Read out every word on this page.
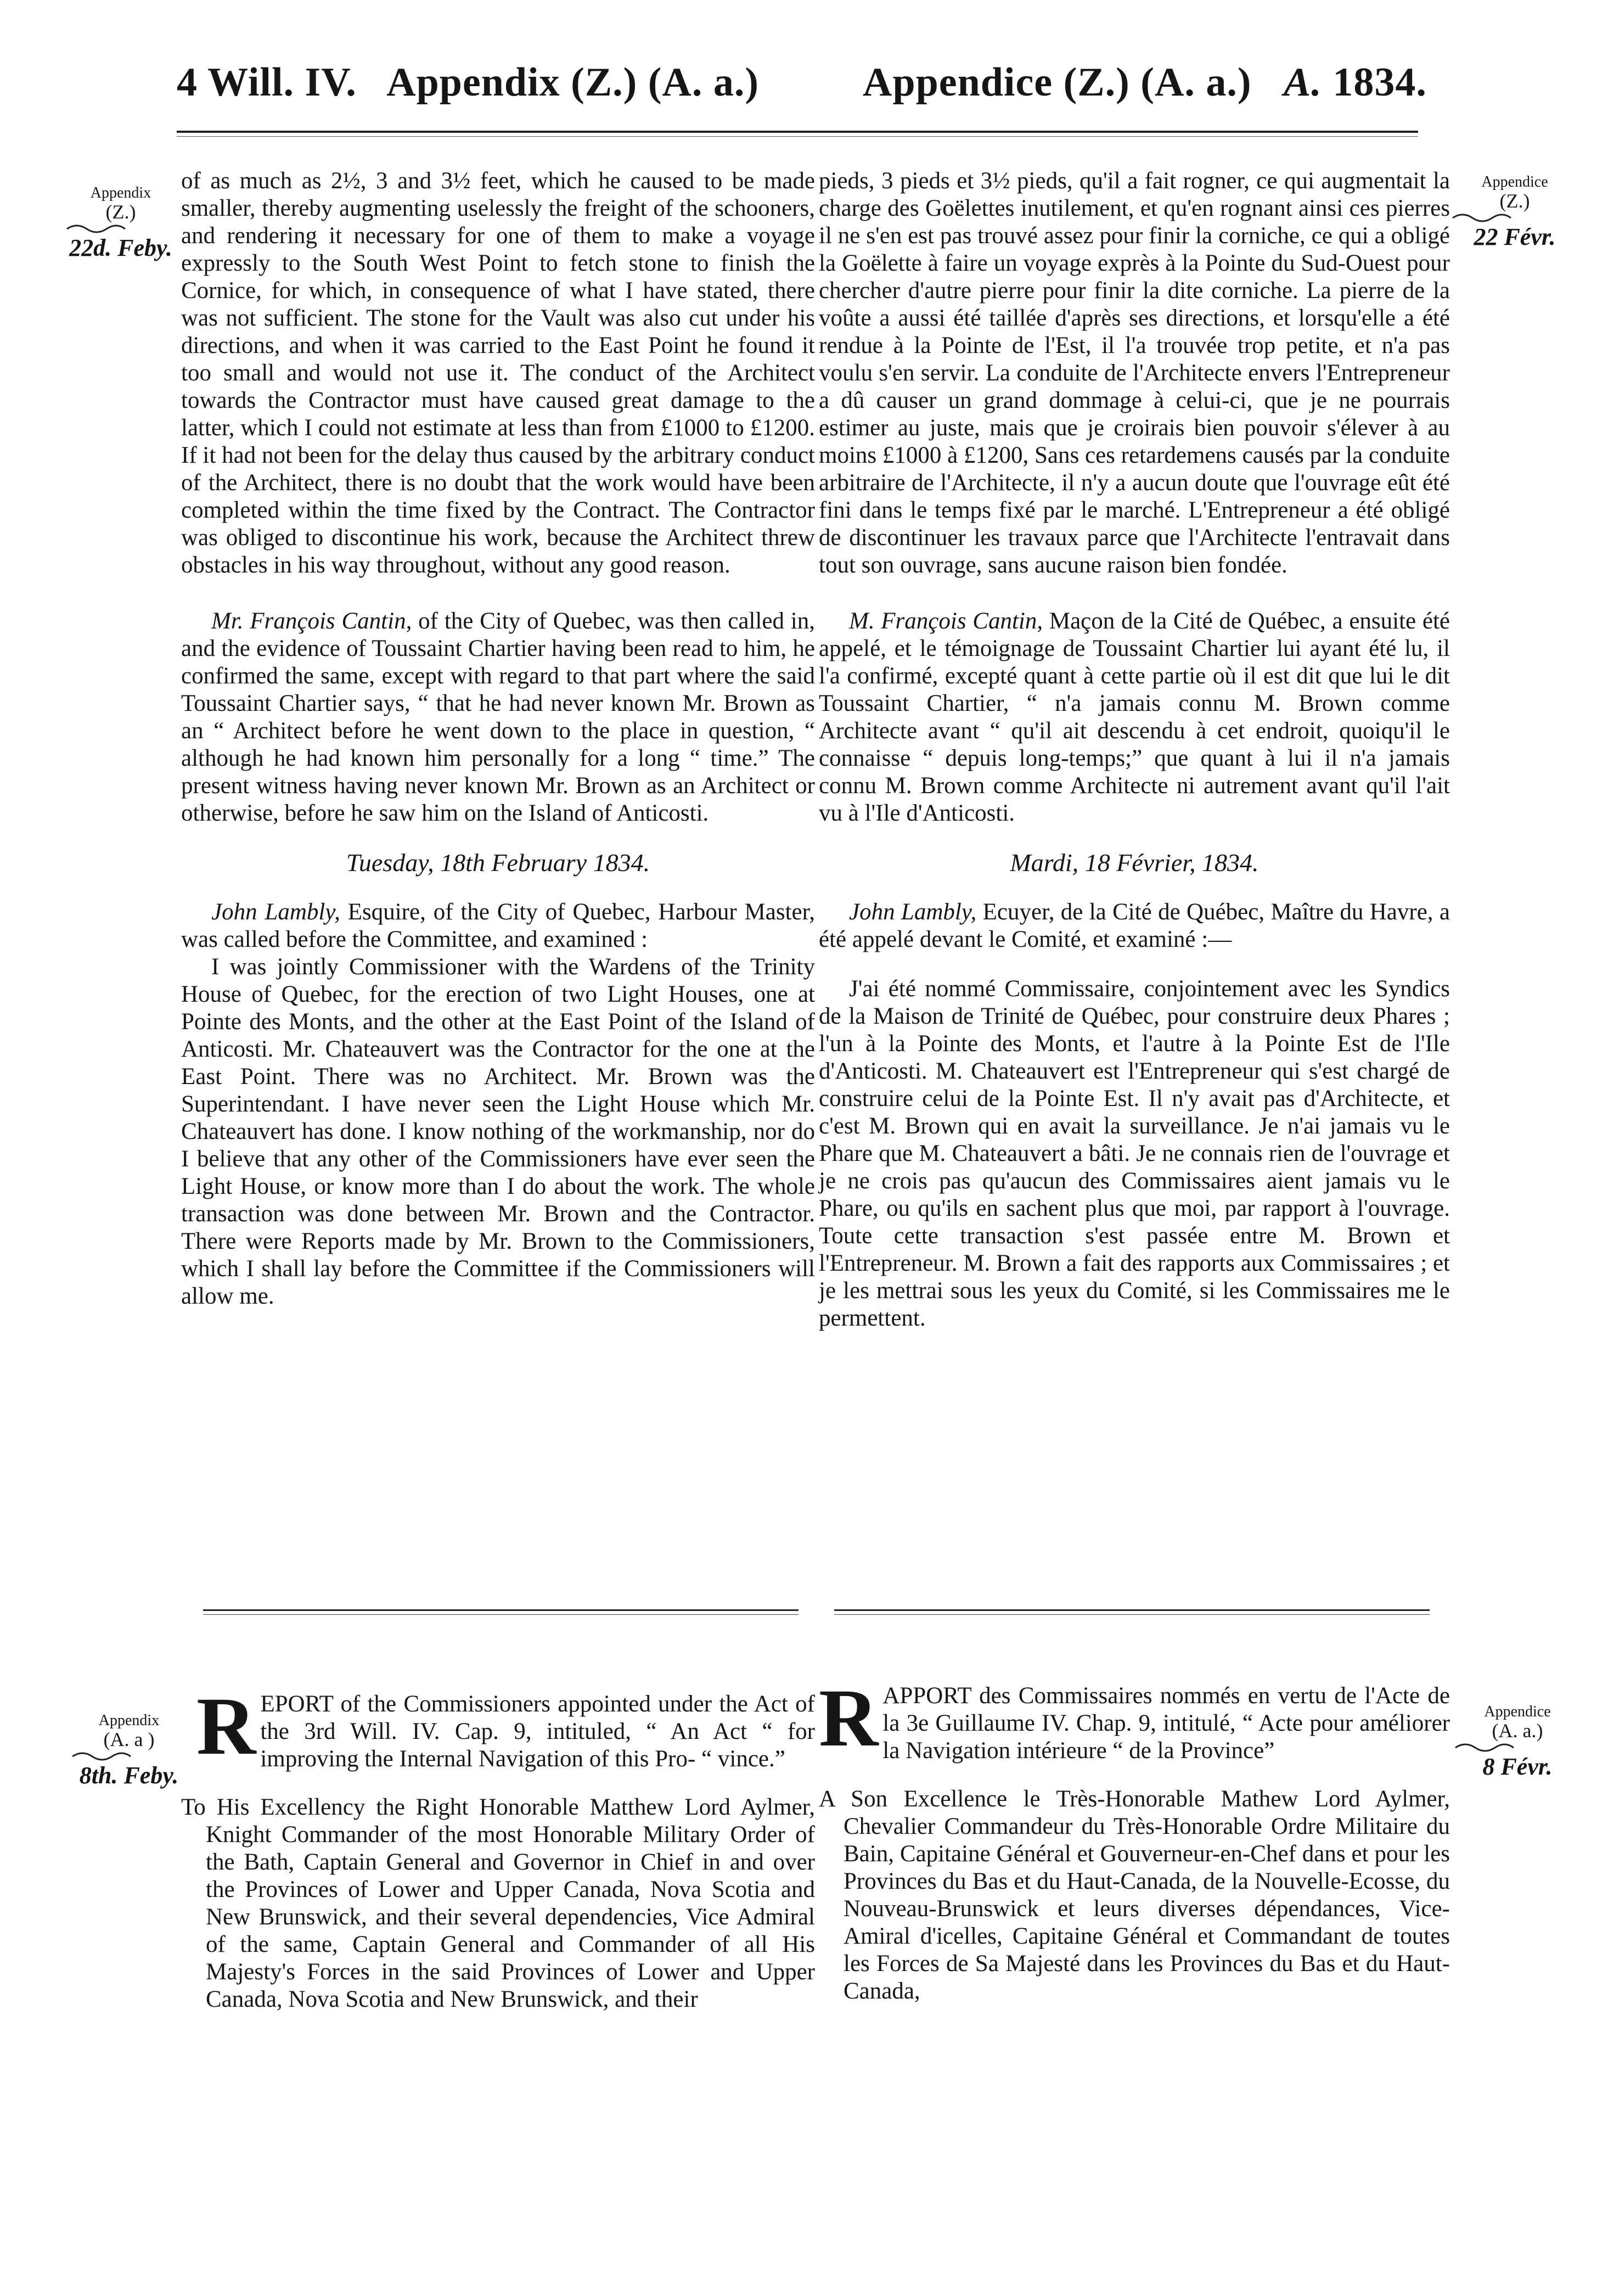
4 Will. IV. Appendix (Z.) (A. a.)	Appendice (Z.) (A. a.) A. 1834.
Appendix
(Z.)
22d. Feby.
Appendice
(Z.)
22 Févr.

of as much as 2½, 3 and 3½ feet, which he caused to be made smaller, thereby augmenting uselessly the freight of the schooners, and rendering it necessary for one of them to make a voyage expressly to the South West Point to fetch stone to finish the Cornice, for which, in consequence of what I have stated, there was not sufficient. The stone for the Vault was also cut under his directions, and when it was carried to the East Point he found it too small and would not use it. The conduct of the Architect towards the Contractor must have caused great damage to the latter, which I could not estimate at less than from £1000 to £1200. If it had not been for the delay thus caused by the arbitrary conduct of the Architect, there is no doubt that the work would have been completed within the time fixed by the Contract. The Contractor was obliged to discontinue his work, because the Architect threw obstacles in his way throughout, without any good reason.

Mr. François Cantin, of the City of Quebec, was then called in, and the evidence of Toussaint Chartier having been read to him, he confirmed the same, except with regard to that part where the said Toussaint Chartier says, “ that he had never known Mr. Brown as an “ Architect before he went down to the place in question, “ although he had known him personally for a long “ time.” The present witness having never known Mr. Brown as an Architect or otherwise, before he saw him on the Island of Anticosti.

Tuesday, 18th February 1834.

John Lambly, Esquire, of the City of Quebec, Harbour Master, was called before the Committee, and examined :

I was jointly Commissioner with the Wardens of the Trinity House of Quebec, for the erection of two Light Houses, one at Pointe des Monts, and the other at the East Point of the Island of Anticosti. Mr. Chateauvert was the Contractor for the one at the East Point. There was no Architect. Mr. Brown was the Superintendant. I have never seen the Light House which Mr. Chateauvert has done. I know nothing of the workmanship, nor do I believe that any other of the Commissioners have ever seen the Light House, or know more than I do about the work. The whole transaction was done between Mr. Brown and the Contractor. There were Reports made by Mr. Brown to the Commissioners, which I shall lay before the Committee if the Commissioners will allow me.

pieds, 3 pieds et 3½ pieds, qu'il a fait rogner, ce qui augmentait la charge des Goëlettes inutilement, et qu'en rognant ainsi ces pierres il ne s'en est pas trouvé assez pour finir la corniche, ce qui a obligé la Goëlette à faire un voyage exprès à la Pointe du Sud-Ouest pour chercher d'autre pierre pour finir la dite corniche. La pierre de la voûte a aussi été taillée d'après ses directions, et lorsqu'elle a été rendue à la Pointe de l'Est, il l'a trouvée trop petite, et n'a pas voulu s'en servir. La conduite de l'Architecte envers l'Entrepreneur a dû causer un grand dommage à celui-ci, que je ne pourrais estimer au juste, mais que je croirais bien pouvoir s'élever à au moins £1000 à £1200, Sans ces retardemens causés par la conduite arbitraire de l'Architecte, il n'y a aucun doute que l'ouvrage eût été fini dans le temps fixé par le marché. L'Entrepreneur a été obligé de discontinuer les travaux parce que l'Architecte l'entravait dans tout son ouvrage, sans aucune raison bien fondée.

M. François Cantin, Maçon de la Cité de Québec, a ensuite été appelé, et le témoignage de Toussaint Chartier lui ayant été lu, il l'a confirmé, excepté quant à cette partie où il est dit que lui le dit Toussaint Chartier, “ n'a jamais connu M. Brown comme Architecte avant “ qu'il ait descendu à cet endroit, quoiqu'il le connaisse “ depuis long-temps;” que quant à lui il n'a jamais connu M. Brown comme Architecte ni autrement avant qu'il l'ait vu à l'Ile d'Anticosti.

Mardi, 18 Février, 1834.

John Lambly, Ecuyer, de la Cité de Québec, Maître du Havre, a été appelé devant le Comité, et examiné :—

J'ai été nommé Commissaire, conjointement avec les Syndics de la Maison de Trinité de Québec, pour construire deux Phares ; l'un à la Pointe des Monts, et l'autre à la Pointe Est de l'Ile d'Anticosti. M. Chateauvert est l'Entrepreneur qui s'est chargé de construire celui de la Pointe Est. Il n'y avait pas d'Architecte, et c'est M. Brown qui en avait la surveillance. Je n'ai jamais vu le Phare que M. Chateauvert a bâti. Je ne connais rien de l'ouvrage et je ne crois pas qu'aucun des Commissaires aient jamais vu le Phare, ou qu'ils en sachent plus que moi, par rapport à l'ouvrage. Toute cette transaction s'est passée entre M. Brown et l'Entrepreneur. M. Brown a fait des rapports aux Commissaires ; et je les mettrai sous les yeux du Comité, si les Commissaires me le permettent.

Appendix
(A. a )
8th. Feby.
Appendice
(A. a.)
8 Févr.

REPORT of the Commissioners appointed under the Act of the 3rd Will. IV. Cap. 9, intituled, “ An Act “ for improving the Internal Navigation of this Pro- “ vince.”

To His Excellency the Right Honorable Matthew Lord Aylmer, Knight Commander of the most Honorable Military Order of the Bath, Captain General and Governor in Chief in and over the Provinces of Lower and Upper Canada, Nova Scotia and New Brunswick, and their several dependencies, Vice Admiral of the same, Captain General and Commander of all His Majesty's Forces in the said Provinces of Lower and Upper Canada, Nova Scotia and New Brunswick, and their

RAPPORT des Commissaires nommés en vertu de l'Acte de la 3e Guillaume IV. Chap. 9, intitulé, “ Acte pour améliorer la Navigation intérieure “ de la Province”

A Son Excellence le Très-Honorable Mathew Lord Aylmer, Chevalier Commandeur du Très-Honorable Ordre Militaire du Bain, Capitaine Général et Gouverneur-en-Chef dans et pour les Provinces du Bas et du Haut-Canada, de la Nouvelle-Ecosse, du Nouveau-Brunswick et leurs diverses dépendances, Vice-Amiral d'icelles, Capitaine Général et Commandant de toutes les Forces de Sa Majesté dans les Provinces du Bas et du Haut-Canada,
